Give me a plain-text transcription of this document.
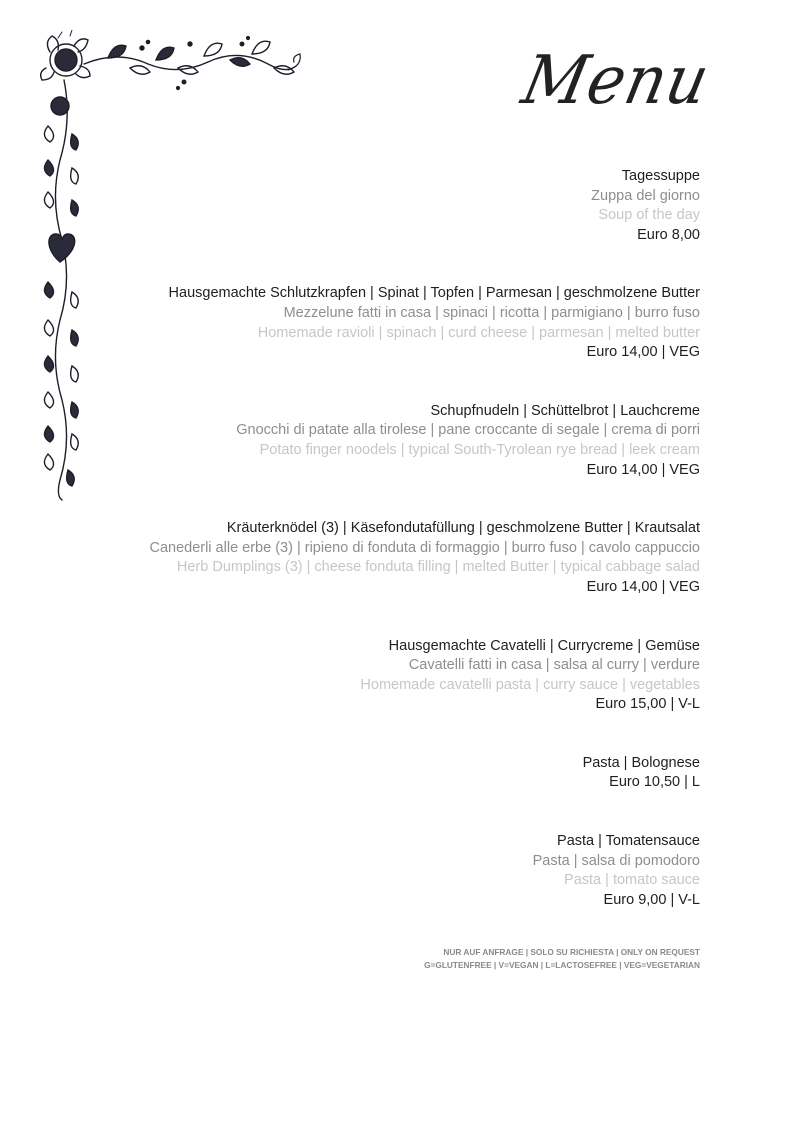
Menu
Tagessuppe
Zuppa del giorno
Soup of the day
Euro 8,00
Hausgemachte Schlutzkrapfen | Spinat | Topfen | Parmesan | geschmolzene Butter
Mezzelune fatti in casa | spinaci | ricotta | parmigiano | burro fuso
Homemade ravioli | spinach | curd cheese | parmesan | melted butter
Euro 14,00 | VEG
Schupfnudeln | Schüttelbrot | Lauchcreme
Gnocchi di patate alla tirolese | pane croccante di segale | crema di porri
Potato finger noodels | typical South-Tyrolean rye bread | leek cream
Euro 14,00 | VEG
Kräuterknödel (3) | Käsefondutafüllung | geschmolzene Butter | Krautsalat
Canederli alle erbe (3) | ripieno di fonduta di formaggio | burro fuso | cavolo cappuccio
Herb Dumplings (3) | cheese fonduta filling | melted Butter | typical cabbage salad
Euro 14,00 | VEG
Hausgemachte Cavatelli | Currycreme | Gemüse
Cavatelli fatti in casa | salsa al curry | verdure
Homemade cavatelli pasta | curry sauce | vegetables
Euro 15,00 | V-L
Pasta | Bolognese
Euro 10,50 | L
Pasta | Tomatensauce
Pasta | salsa di pomodoro
Pasta | tomato sauce
Euro 9,00 | V-L
NUR AUF ANFRAGE | SOLO SU RICHIESTA | ONLY ON REQUEST
G=GLUTENFREE | V=VEGAN | L=LACTOSEFREE | VEG=VEGETARIAN
